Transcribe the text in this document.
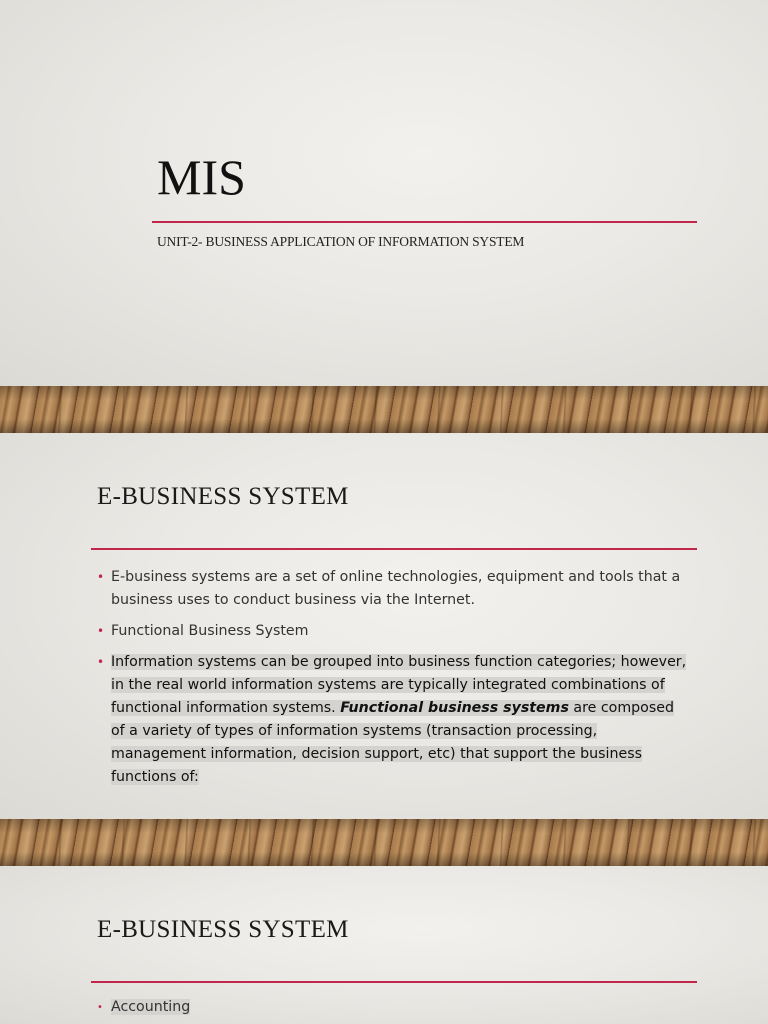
MIS

UNIT-2- BUSINESS APPLICATION OF INFORMATION SYSTEM

E-BUSINESS SYSTEM
• E-business systems are a set of online technologies, equipment and tools that a business uses to conduct business via the Internet.
• Functional Business System
• Information systems can be grouped into business function categories; however, in the real world information systems are typically integrated combinations of functional information systems. Functional business systems are composed of a variety of types of information systems (transaction processing, management information, decision support, etc) that support the business functions of:
E-BUSINESS SYSTEM
• Accounting
